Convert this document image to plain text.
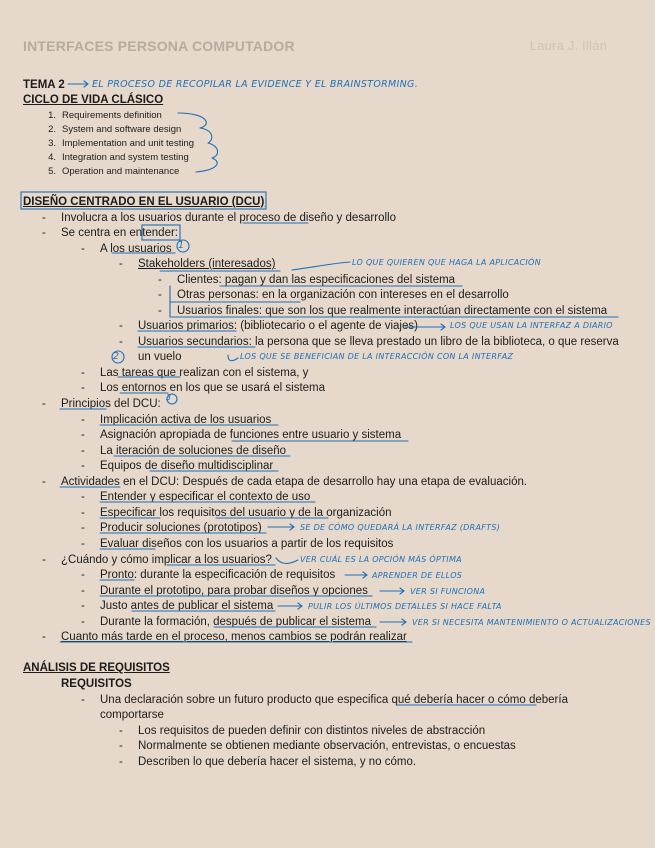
INTERFACES PERSONA COMPUTADOR	Laura J. Illán
TEMA 2	EL PROCESO DE RECOPILAR LA EVIDENCE Y EL BRAINSTORMING.
CICLO DE VIDA CLÁSICO
1. Requirements definition
2. System and software design
3. Implementation and unit testing
4. Integration and system testing
5. Operation and maintenance
DISEÑO CENTRADO EN EL USUARIO (DCU)
- Involucra a los usuarios durante el proceso de diseño y desarrollo
- Se centra en entender:
- A los usuarios 1
- Stakeholders (interesados)	LO QUE QUIEREN QUE HAGA LA APLICACIÓN
- Clientes: pagan y dan las especificaciones del sistema
- Otras personas: en la organización con intereses en el desarrollo
- Usuarios finales: que son los que realmente interactúan directamente con el sistema
- Usuarios primarios: (bibliotecario o el agente de viajes)	LOS QUE USAN LA INTERFAZ A DIARIO
- Usuarios secundarios: la persona que se lleva prestado un libro de la biblioteca, o que reserva
un vuelo
2	LOS QUE SE BENEFICIAN DE LA INTERACCIÓN CON LA INTERFAZ
- Las tareas que realizan con el sistema, y
- Los entornos en los que se usará el sistema
- Principios del DCU:
3
- Implicación activa de los usuarios
- Asignación apropiada de funciones entre usuario y sistema
- La iteración de soluciones de diseño
- Equipos de diseño multidisciplinar
- Actividades en el DCU: Después de cada etapa de desarrollo hay una etapa de evaluación.
- Entender y especificar el contexto de uso
- Especificar los requisitos del usuario y de la organización
- Producir soluciones (prototipos)	SE DE CÓMO QUEDARÁ LA INTERFAZ (DRAFTS)
- Evaluar diseños con los usuarios a partir de los requisitos
- ¿Cuándo y cómo implicar a los usuarios?	VER CUÁL ES LA OPCIÓN MÁS ÓPTIMA
- Pronto: durante la especificación de requisitos	APRENDER DE ELLOS
- Durante el prototipo, para probar diseños y opciones	VER SI FUNCIONA
- Justo antes de publicar el sistema	PULIR LOS ÚLTIMOS DETALLES SI HACE FALTA
- Durante la formación, después de publicar el sistema	VER SI NECESITA MANTENIMIENTO O ACTUALIZACIONES
- Cuanto más tarde en el proceso, menos cambios se podrán realizar
ANÁLISIS DE REQUISITOS
REQUISITOS
- Una declaración sobre un futuro producto que especifica qué debería hacer o cómo debería
comportarse
- Los requisitos de pueden definir con distintos niveles de abstracción
- Normalmente se obtienen mediante observación, entrevistas, o encuestas
- Describen lo que debería hacer el sistema, y no cómo.
